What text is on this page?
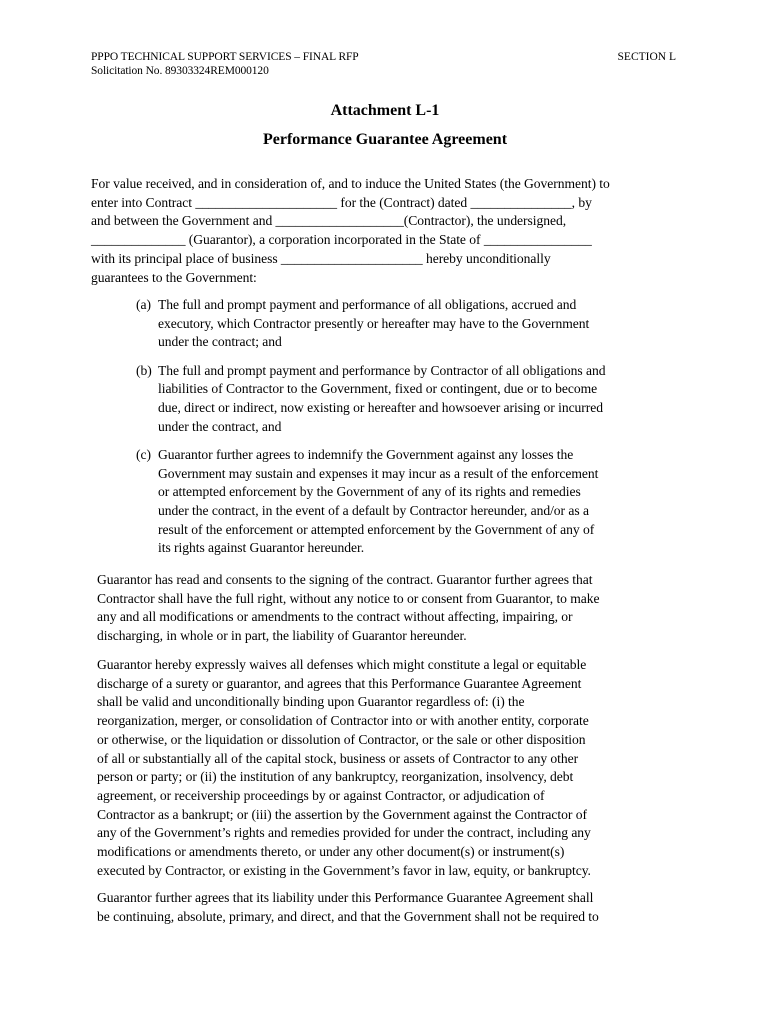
PPPO TECHNICAL SUPPORT SERVICES – FINAL RFP
Solicitation No. 89303324REM000120
SECTION L
Attachment L-1
Performance Guarantee Agreement
For value received, and in consideration of, and to induce the United States (the Government) to
enter into Contract _____________________ for the (Contract) dated _______________, by
and between the Government and ___________________(Contractor), the undersigned,
______________ (Guarantor), a corporation incorporated in the State of ________________
with its principal place of business _____________________ hereby unconditionally
guarantees to the Government:
(a) The full and prompt payment and performance of all obligations, accrued and
executory, which Contractor presently or hereafter may have to the Government
under the contract; and
(b) The full and prompt payment and performance by Contractor of all obligations and
liabilities of Contractor to the Government, fixed or contingent, due or to become
due, direct or indirect, now existing or hereafter and howsoever arising or incurred
under the contract, and
(c) Guarantor further agrees to indemnify the Government against any losses the
Government may sustain and expenses it may incur as a result of the enforcement
or attempted enforcement by the Government of any of its rights and remedies
under the contract, in the event of a default by Contractor hereunder, and/or as a
result of the enforcement or attempted enforcement by the Government of any of
its rights against Guarantor hereunder.
Guarantor has read and consents to the signing of the contract. Guarantor further agrees that
Contractor shall have the full right, without any notice to or consent from Guarantor, to make
any and all modifications or amendments to the contract without affecting, impairing, or
discharging, in whole or in part, the liability of Guarantor hereunder.
Guarantor hereby expressly waives all defenses which might constitute a legal or equitable
discharge of a surety or guarantor, and agrees that this Performance Guarantee Agreement
shall be valid and unconditionally binding upon Guarantor regardless of: (i) the
reorganization, merger, or consolidation of Contractor into or with another entity, corporate
or otherwise, or the liquidation or dissolution of Contractor, or the sale or other disposition
of all or substantially all of the capital stock, business or assets of Contractor to any other
person or party; or (ii) the institution of any bankruptcy, reorganization, insolvency, debt
agreement, or receivership proceedings by or against Contractor, or adjudication of
Contractor as a bankrupt; or (iii) the assertion by the Government against the Contractor of
any of the Government’s rights and remedies provided for under the contract, including any
modifications or amendments thereto, or under any other document(s) or instrument(s)
executed by Contractor, or existing in the Government’s favor in law, equity, or bankruptcy.
Guarantor further agrees that its liability under this Performance Guarantee Agreement shall
be continuing, absolute, primary, and direct, and that the Government shall not be required to
